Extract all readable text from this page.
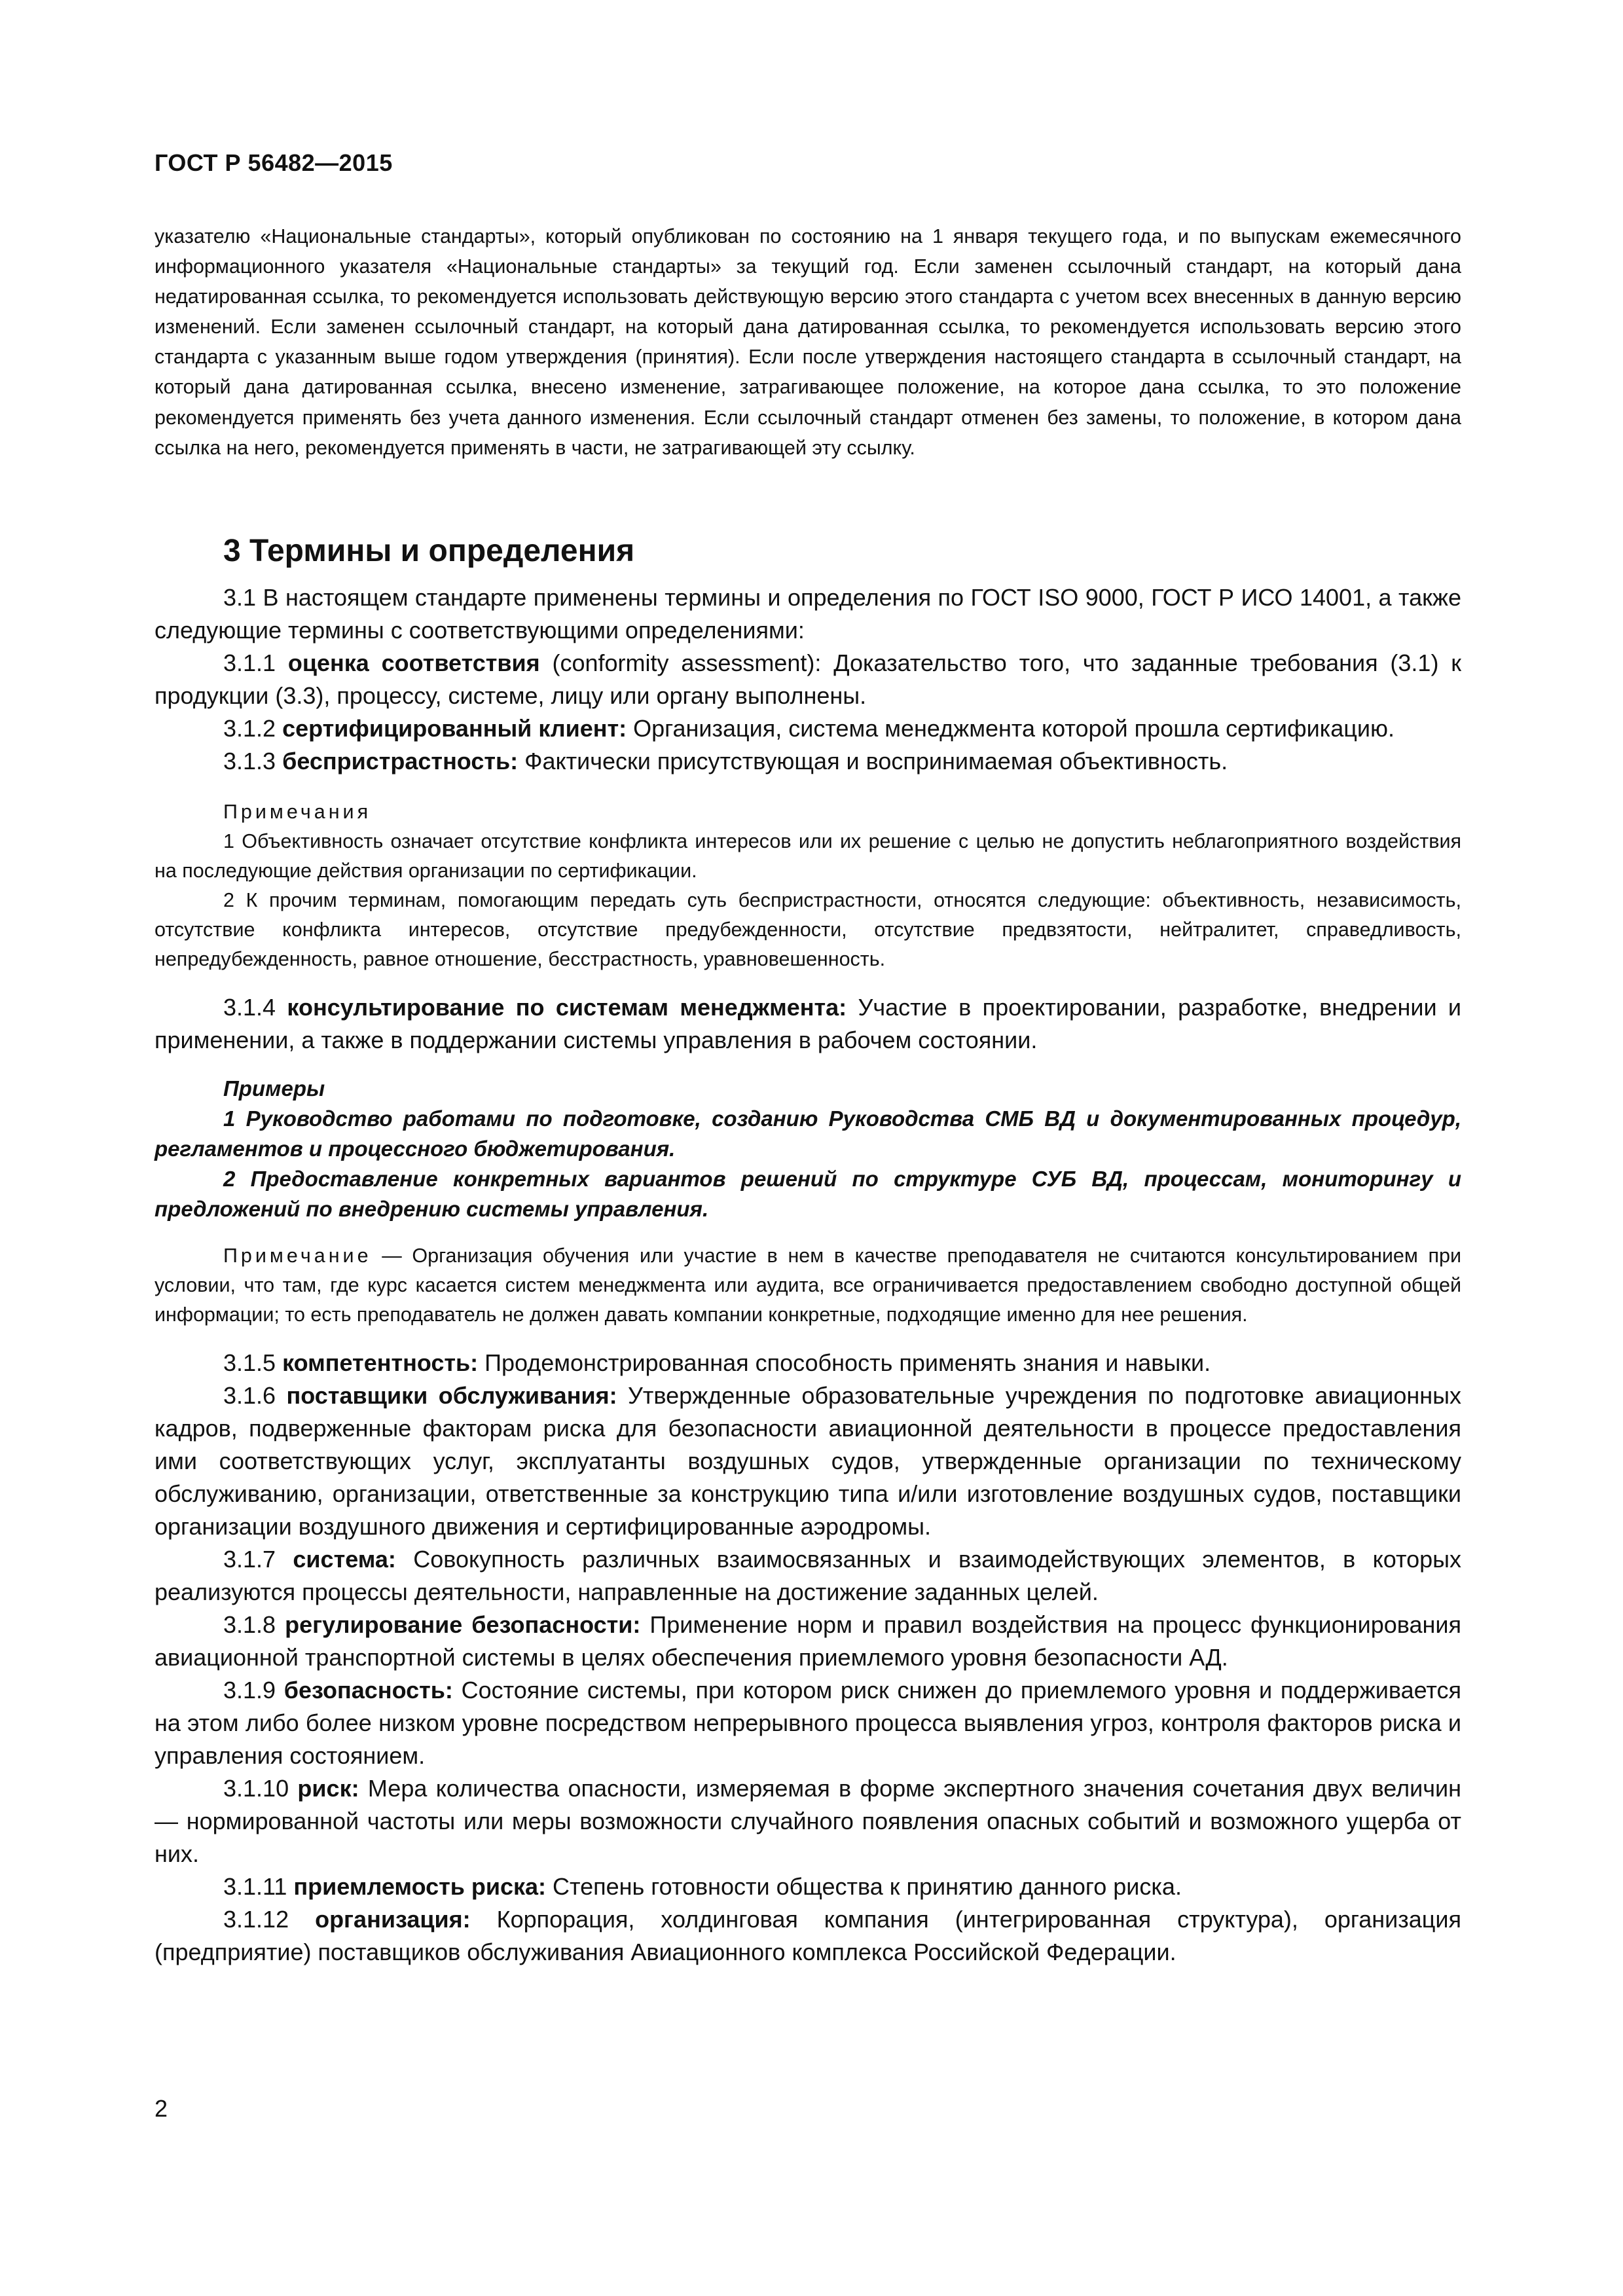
ГОСТ Р 56482—2015
указателю «Национальные стандарты», который опубликован по состоянию на 1 января текущего года, и по выпускам ежемесячного информационного указателя «Национальные стандарты» за текущий год. Если заменен ссылочный стандарт, на который дана недатированная ссылка, то рекомендуется использовать действующую версию этого стандарта с учетом всех внесенных в данную версию изменений. Если заменен ссылочный стандарт, на который дана датированная ссылка, то рекомендуется использовать версию этого стандарта с указанным выше годом утверждения (принятия). Если после утверждения настоящего стандарта в ссылочный стандарт, на который дана датированная ссылка, внесено изменение, затрагивающее положение, на которое дана ссылка, то это положение рекомендуется применять без учета данного изменения. Если ссылочный стандарт отменен без замены, то положение, в котором дана ссылка на него, рекомендуется применять в части, не затрагивающей эту ссылку.
3 Термины и определения

3.1 В настоящем стандарте применены термины и определения по ГОСТ ISO 9000, ГОСТ Р ИСО 14001, а также следующие термины с соответствующими определениями:

3.1.1 оценка соответствия (conformity assessment): Доказательство того, что заданные требования (3.1) к продукции (3.3), процессу, системе, лицу или органу выполнены.

3.1.2 сертифицированный клиент: Организация, система менеджмента которой прошла сертификацию.

3.1.3 беспристрастность: Фактически присутствующая и воспринимаемая объективность.

Примечания

1 Объективность означает отсутствие конфликта интересов или их решение с целью не допустить неблагоприятного воздействия на последующие действия организации по сертификации.

2 К прочим терминам, помогающим передать суть беспристрастности, относятся следующие: объективность, независимость, отсутствие конфликта интересов, отсутствие предубежденности, отсутствие предвзятости, нейтралитет, справедливость, непредубежденность, равное отношение, бесстрастность, уравновешенность.

3.1.4 консультирование по системам менеджмента: Участие в проектировании, разработке, внедрении и применении, а также в поддержании системы управления в рабочем состоянии.

Примеры

1 Руководство работами по подготовке, созданию Руководства СМБ ВД и документированных процедур, регламентов и процессного бюджетирования.

2 Предоставление конкретных вариантов решений по структуре СУБ ВД, процессам, мониторингу и предложений по внедрению системы управления.

Примечание — Организация обучения или участие в нем в качестве преподавателя не считаются консультированием при условии, что там, где курс касается систем менеджмента или аудита, все ограничивается предоставлением свободно доступной общей информации; то есть преподаватель не должен давать компании конкретные, подходящие именно для нее решения.

3.1.5 компетентность: Продемонстрированная способность применять знания и навыки.

3.1.6 поставщики обслуживания: Утвержденные образовательные учреждения по подготовке авиационных кадров, подверженные факторам риска для безопасности авиационной деятельности в процессе предоставления ими соответствующих услуг, эксплуатанты воздушных судов, утвержденные организации по техническому обслуживанию, организации, ответственные за конструкцию типа и/или изготовление воздушных судов, поставщики организации воздушного движения и сертифицированные аэродромы.

3.1.7 система: Совокупность различных взаимосвязанных и взаимодействующих элементов, в которых реализуются процессы деятельности, направленные на достижение заданных целей.

3.1.8 регулирование безопасности: Применение норм и правил воздействия на процесс функционирования авиационной транспортной системы в целях обеспечения приемлемого уровня безопасности АД.

3.1.9 безопасность: Состояние системы, при котором риск снижен до приемлемого уровня и поддерживается на этом либо более низком уровне посредством непрерывного процесса выявления угроз, контроля факторов риска и управления состоянием.

3.1.10 риск: Мера количества опасности, измеряемая в форме экспертного значения сочетания двух величин — нормированной частоты или меры возможности случайного появления опасных событий и возможного ущерба от них.

3.1.11 приемлемость риска: Степень готовности общества к принятию данного риска.

3.1.12 организация: Корпорация, холдинговая компания (интегрированная структура), организация (предприятие) поставщиков обслуживания Авиационного комплекса Российской Федерации.

2
